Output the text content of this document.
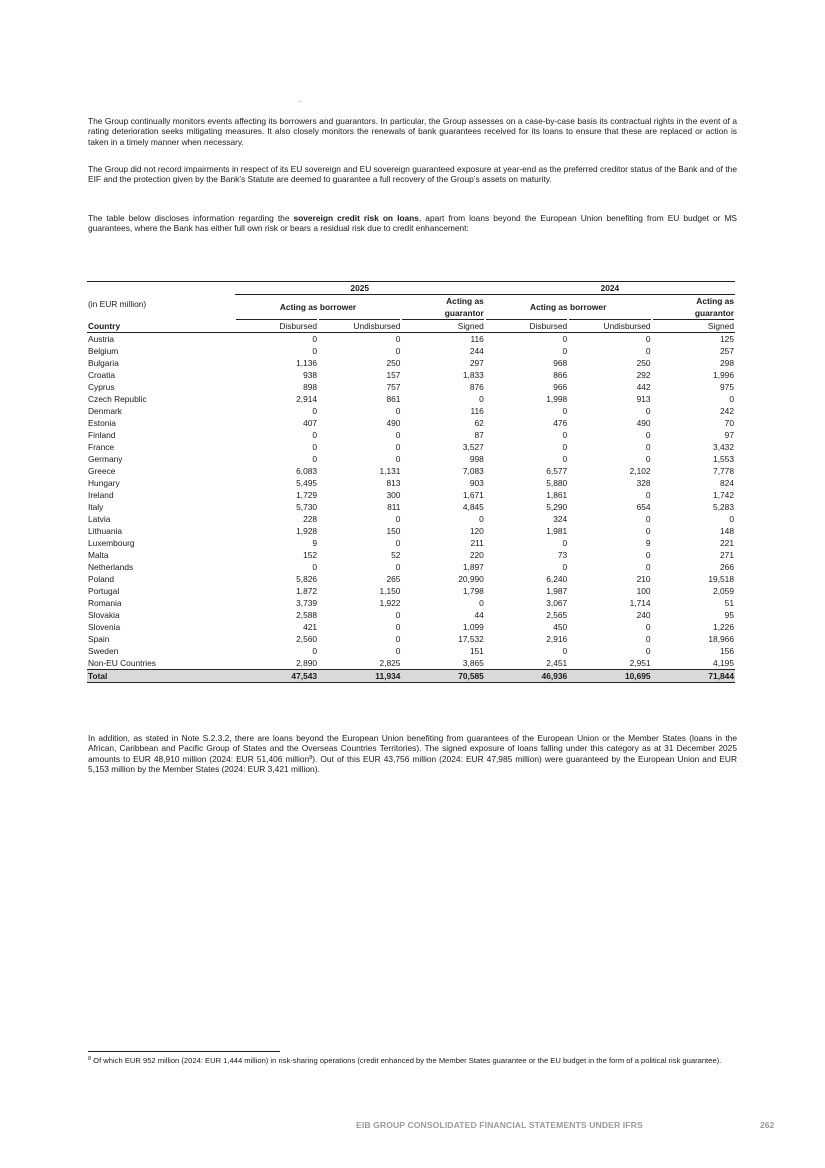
.

The Group continually monitors events affecting its borrowers and guarantors. In particular, the Group assesses on a case-by-case basis its contractual rights in the event of a rating deterioration seeks mitigating measures. It also closely monitors the renewals of bank guarantees received for its loans to ensure that these are replaced or action is taken in a timely manner when necessary.

The Group did not record impairments in respect of its EU sovereign and EU sovereign guaranteed exposure at year-end as the preferred creditor status of the Bank and of the EIF and the protection given by the Bank’s Statute are deemed to guarantee a full recovery of the Group’s assets on maturity.

The table below discloses information regarding the sovereign credit risk on loans, apart from loans beyond the European Union benefiting from EU budget or MS guarantees, where the Bank has either full own risk or bears a residual risk due to credit enhancement:

	2025			2024		
(in EUR million)	Acting as borrower		Acting as
guarantor		Acting as borrower		Acting as
guarantor
Country	Disbursed	Undisbursed	Signed		Disbursed	Undisbursed	Signed

Austria	0	0	116		0	0	125
Belgium	0	0	244		0	0	257
Bulgaria	1,136	250	297		968	250	298
Croatia	938	157	1,833		866	292	1,996
Cyprus	898	757	876		966	442	975
Czech Republic	2,914	861	0		1,998	913	0
Denmark	0	0	116		0	0	242
Estonia	407	490	62		476	490	70
Finland	0	0	87		0	0	97
France	0	0	3,527		0	0	3,432
Germany	0	0	998		0	0	1,553
Greece	6,083	1,131	7,083		6,577	2,102	7,778
Hungary	5,495	813	903		5,880	328	824
Ireland	1,729	300	1,671		1,861	0	1,742
Italy	5,730	811	4,845		5,290	654	5,283
Latvia	228	0	0		324	0	0
Lithuania	1,928	150	120		1,981	0	148
Luxembourg	9	0	211		0	9	221
Malta	152	52	220		73	0	271
Netherlands	0	0	1,897		0	0	266
Poland	5,826	265	20,990		6,240	210	19,518
Portugal	1,872	1,150	1,798		1,987	100	2,059
Romania	3,739	1,922	0		3,067	1,714	51
Slovakia	2,588	0	44		2,565	240	95
Slovenia	421	0	1,099		450	0	1,226
Spain	2,560	0	17,532		2,916	0	18,966
Sweden	0	0	151		0	0	156
Non-EU Countries	2,890	2,825	3,865		2,451	2,951	4,195
Total	47,543	11,934	70,585		46,936	10,695	71,844

In addition, as stated in Note S.2.3.2, there are loans beyond the European Union benefiting from guarantees of the European Union or the Member States (loans in the African, Caribbean and Pacific Group of States and the Overseas Countries Territories). The signed exposure of loans falling under this category as at 31 December 2025 amounts to EUR 48,910 million (2024: EUR 51,406 million$^8$). Out of this EUR 43,756 million (2024: EUR 47,985 million) were guaranteed by the European Union and EUR 5,153 million by the Member States (2024: EUR 3,421 million).

$^8$ Of which EUR 952 million (2024: EUR 1,444 million) in risk-sharing operations (credit enhanced by the Member States guarantee or the EU budget in the form of a political risk guarantee).

EIB GROUP CONSOLIDATED FINANCIAL STATEMENTS UNDER IFRS	262
